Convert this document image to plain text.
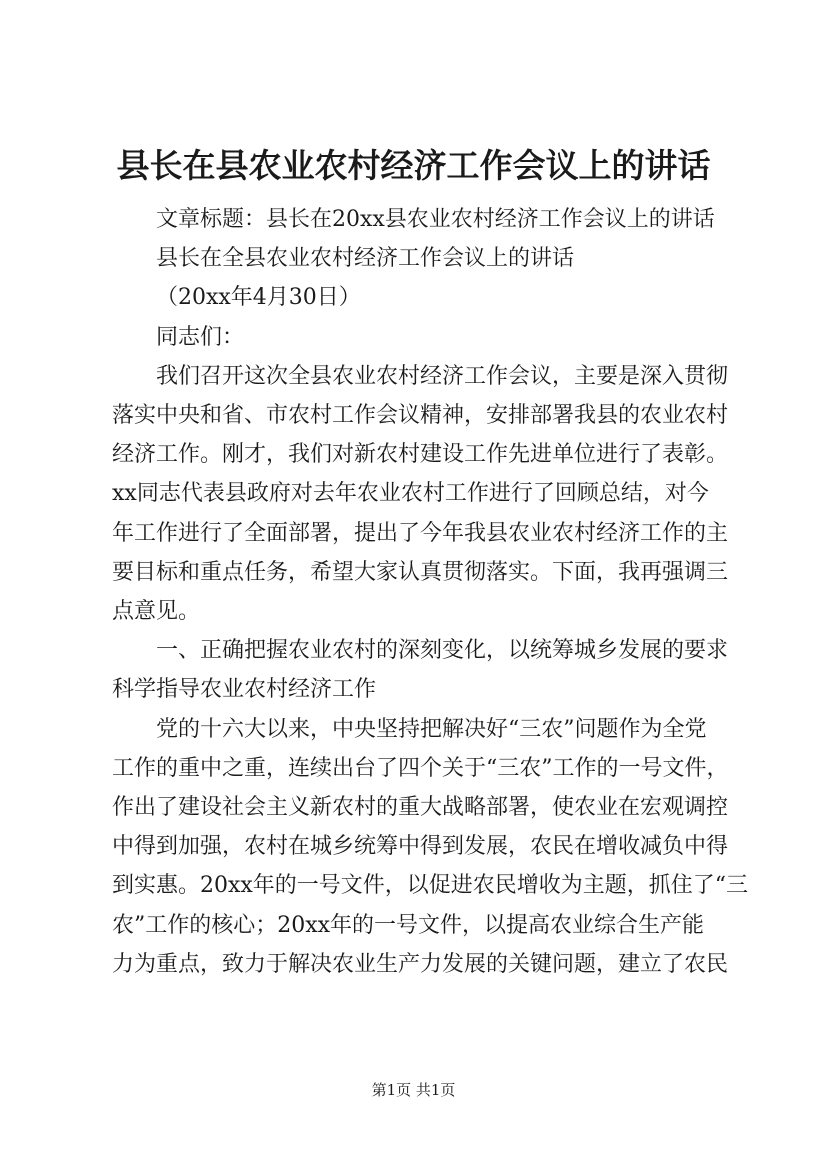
县长在县农业农村经济工作会议上的讲话

文章标题：县长在20xx县农业农村经济工作会议上的讲话

县长在全县农业农村经济工作会议上的讲话

（20xx年4月30日）

同志们：

我们召开这次全县农业农村经济工作会议，主要是深入贯彻

落实中央和省、市农村工作会议精神，安排部署我县的农业农村

经济工作。刚才，我们对新农村建设工作先进单位进行了表彰。

xx同志代表县政府对去年农业农村工作进行了回顾总结，对今

年工作进行了全面部署，提出了今年我县农业农村经济工作的主

要目标和重点任务，希望大家认真贯彻落实。下面，我再强调三

点意见。

一、正确把握农业农村的深刻变化，以统筹城乡发展的要求

科学指导农业农村经济工作

党的十六大以来，中央坚持把解决好“三农”问题作为全党

工作的重中之重，连续出台了四个关于“三农”工作的一号文件，

作出了建设社会主义新农村的重大战略部署，使农业在宏观调控

中得到加强，农村在城乡统筹中得到发展，农民在增收减负中得

到实惠。20xx年的一号文件，以促进农民增收为主题，抓住了“三

农”工作的核心；20xx年的一号文件，以提高农业综合生产能

力为重点，致力于解决农业生产力发展的关键问题，建立了农民

第1页 共1页
